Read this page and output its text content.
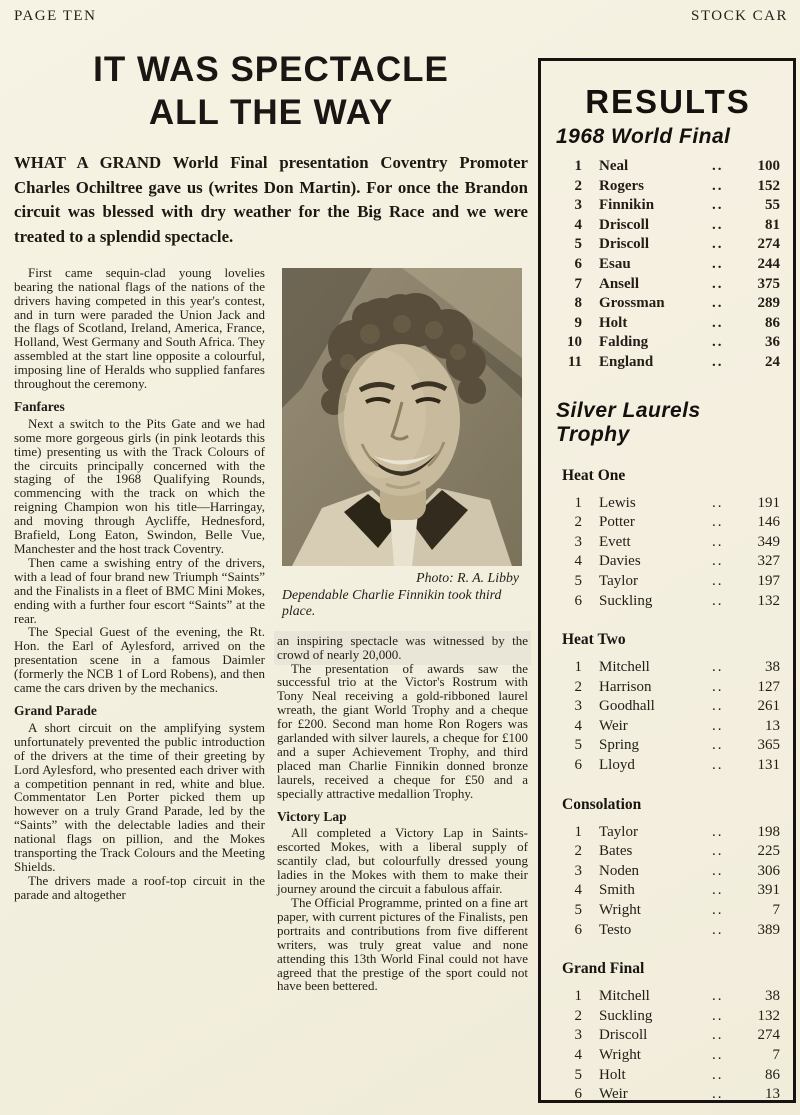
PAGE TEN	STOCK CAR
IT WAS SPECTACLE
ALL THE WAY

WHAT A GRAND World Final presentation Coventry Promoter Charles Ochiltree gave us (writes Don Martin). For once the Brandon circuit was blessed with dry weather for the Big Race and we were treated to a splendid spectacle.

First came sequin-clad young lovelies bearing the national flags of the nations of the drivers having competed in this year's contest, and in turn were paraded the Union Jack and the flags of Scotland, Ireland, America, France, Holland, West Germany and South Africa. They assembled at the start line opposite a colourful, imposing line of Heralds who supplied fanfares throughout the ceremony.

Fanfares

Next a switch to the Pits Gate and we had some more gorgeous girls (in pink leotards this time) presenting us with the Track Colours of the circuits principally concerned with the staging of the 1968 Qualifying Rounds, commencing with the track on which the reigning Champion won his title—Harringay, and moving through Aycliffe, Hednesford, Brafield, Long Eaton, Swindon, Belle Vue, Manchester and the host track Coventry.

Then came a swishing entry of the drivers, with a lead of four brand new Triumph “Saints” and the Finalists in a fleet of BMC Mini Mokes, ending with a further four escort “Saints” at the rear.

The Special Guest of the evening, the Rt. Hon. the Earl of Aylesford, arrived on the presentation scene in a famous Daimler (formerly the NCB 1 of Lord Robens), and then came the cars driven by the mechanics.

Grand Parade

A short circuit on the amplifying system unfortunately prevented the public introduction of the drivers at the time of their greeting by Lord Aylesford, who presented each driver with a competition pennant in red, white and blue. Commentator Len Porter picked them up however on a truly Grand Parade, led by the “Saints” with the delectable ladies and their national flags on pillion, and the Mokes transporting the Track Colours and the Meeting Shields.

The drivers made a roof-top circuit in the parade and altogether

Photo: R. A. Libby
Dependable Charlie Finnikin took third place.

an inspiring spectacle was witnessed by the crowd of nearly 20,000.

The presentation of awards saw the successful trio at the Victor's Rostrum with Tony Neal receiving a gold-ribboned laurel wreath, the giant World Trophy and a cheque for £200. Second man home Ron Rogers was garlanded with silver laurels, a cheque for £100 and a super Achievement Trophy, and third placed man Charlie Finnikin donned bronze laurels, received a cheque for £50 and a specially attractive medallion Trophy.

Victory Lap

All completed a Victory Lap in Saints-escorted Mokes, with a liberal supply of scantily clad, but colourfully dressed young ladies in the Mokes with them to make their journey around the circuit a fabulous affair.

The Official Programme, printed on a fine art paper, with current pictures of the Finalists, pen portraits and contributions from five different writers, was truly great value and none attending this 13th World Final could not have agreed that the prestige of the sport could not have been bettered.

RESULTS
1968 World Final
1 Neal	..	100
2 Rogers	..	152
3 Finnikin	..	55
4 Driscoll	..	81
5 Driscoll	..	274
6 Esau	..	244
7 Ansell	..	375
8 Grossman	..	289
9 Holt	..	86
10 Falding	..	36
11 England	..	24
Silver Laurels Trophy
Heat One
1 Lewis	..	191
2 Potter	..	146
3 Evett	..	349
4 Davies	..	327
5 Taylor	..	197
6 Suckling	..	132
Heat Two
1 Mitchell	..	38
2 Harrison	..	127
3 Goodhall	..	261
4 Weir	..	13
5 Spring	..	365
6 Lloyd	..	131
Consolation
1 Taylor	..	198
2 Bates	..	225
3 Noden	..	306
4 Smith	..	391
5 Wright	..	7
6 Testo	..	389
Grand Final
1 Mitchell	..	38
2 Suckling	..	132
3 Driscoll	..	274
4 Wright	..	7
5 Holt	..	86
6 Weir	..	13
